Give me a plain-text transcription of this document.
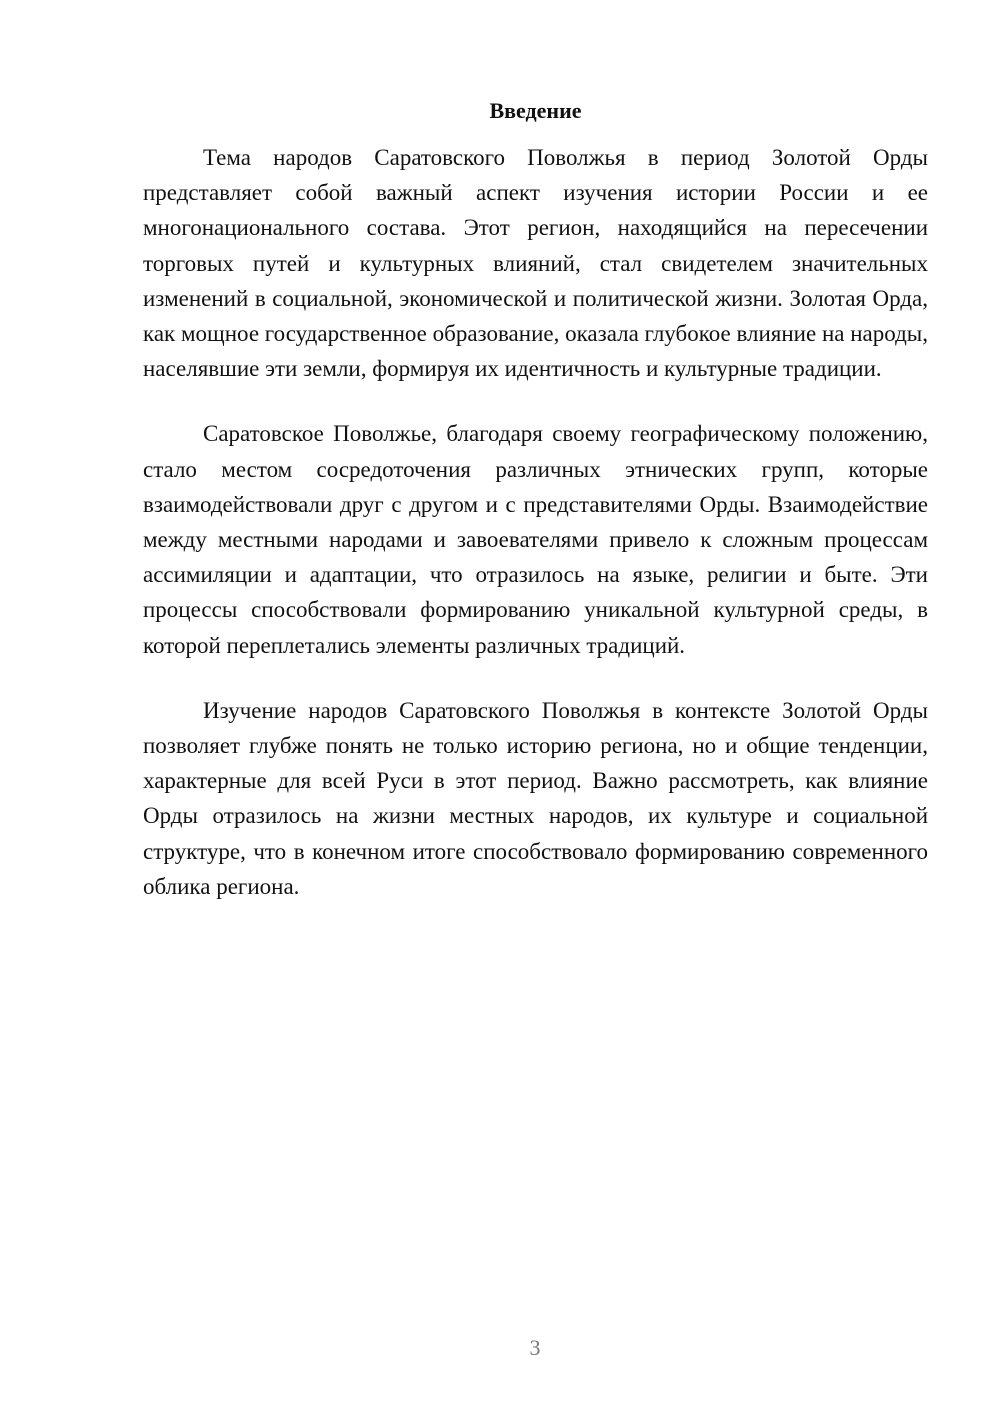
Введение

Тема народов Саратовского Поволжья в период Золотой Орды представляет собой важный аспект изучения истории России и ее многонационального состава. Этот регион, находящийся на пересечении торговых путей и культурных влияний, стал свидетелем значительных изменений в социальной, экономической и политической жизни. Золотая Орда, как мощное государственное образование, оказала глубокое влияние на народы, населявшие эти земли, формируя их идентичность и культурные традиции.

Саратовское Поволжье, благодаря своему географическому положению, стало местом сосредоточения различных этнических групп, которые взаимодействовали друг с другом и с представителями Орды. Взаимодействие между местными народами и завоевателями привело к сложным процессам ассимиляции и адаптации, что отразилось на языке, религии и быте. Эти процессы способствовали формированию уникальной культурной среды, в которой переплетались элементы различных традиций.

Изучение народов Саратовского Поволжья в контексте Золотой Орды позволяет глубже понять не только историю региона, но и общие тенденции, характерные для всей Руси в этот период. Важно рассмотреть, как влияние Орды отразилось на жизни местных народов, их культуре и социальной структуре, что в конечном итоге способствовало формированию современного облика региона.

3
